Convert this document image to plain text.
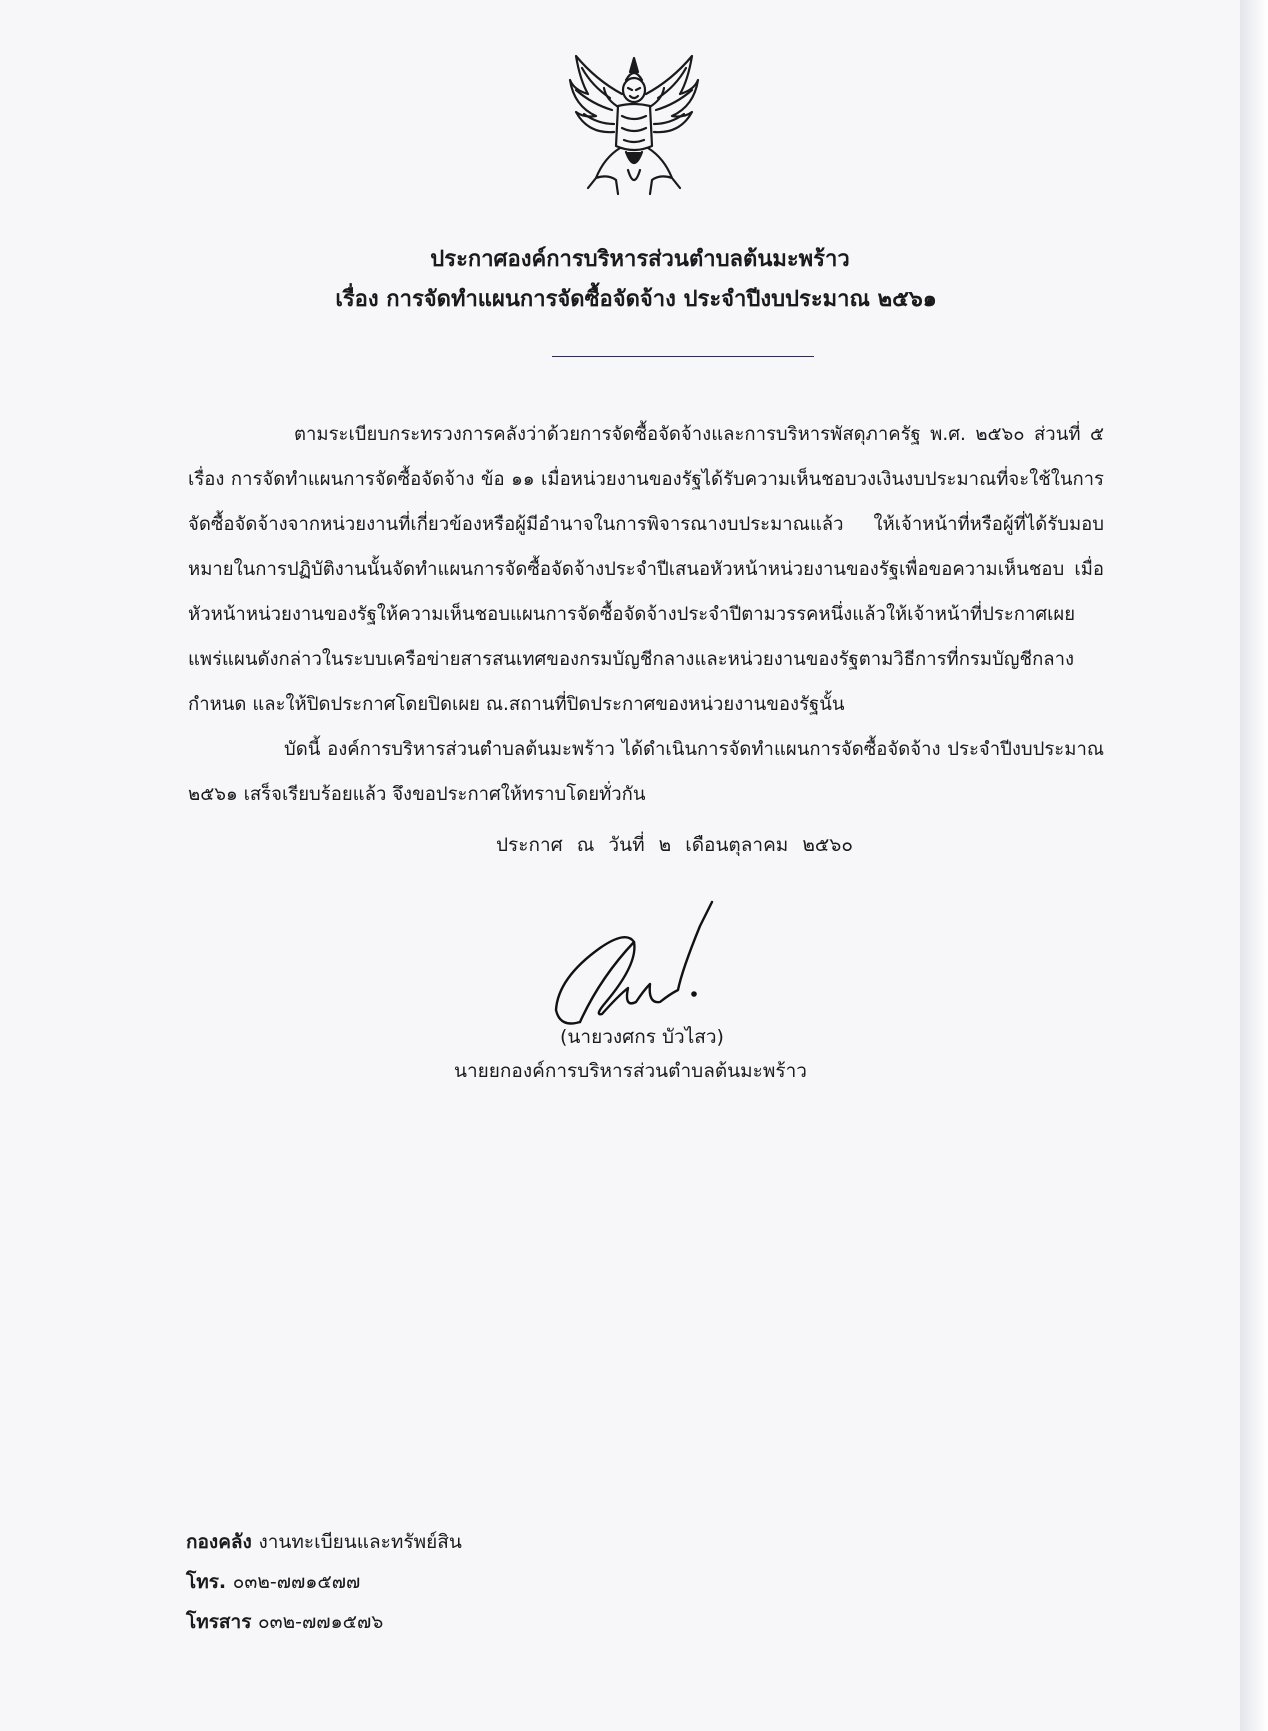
ประกาศองค์การบริหารส่วนตำบลต้นมะพร้าว
เรื่อง การจัดทำแผนการจัดซื้อจัดจ้าง ประจำปีงบประมาณ ๒๕๖๑

ตามระเบียบกระทรวงการคลังว่าด้วยการจัดซื้อจัดจ้างและการบริหารพัสดุภาครัฐ พ.ศ. ๒๕๖๐ ส่วนที่ ๕ เรื่อง การจัดทำแผนการจัดซื้อจัดจ้าง ข้อ ๑๑ เมื่อหน่วยงานของรัฐได้รับความเห็นชอบวงเงินงบประมาณที่จะใช้ในการจัดซื้อจัดจ้างจากหน่วยงานที่เกี่ยวข้องหรือผู้มีอำนาจในการพิจารณางบประมาณแล้ว ให้เจ้าหน้าที่หรือผู้ที่ได้รับมอบหมายในการปฏิบัติงานนั้นจัดทำแผนการจัดซื้อจัดจ้างประจำปีเสนอหัวหน้าหน่วยงานของรัฐเพื่อขอความเห็นชอบ เมื่อหัวหน้าหน่วยงานของรัฐให้ความเห็นชอบแผนการจัดซื้อจัดจ้างประจำปีตามวรรคหนึ่งแล้วให้เจ้าหน้าที่ประกาศเผยแพร่แผนดังกล่าวในระบบเครือข่ายสารสนเทศของกรมบัญชีกลางและหน่วยงานของรัฐตามวิธีการที่กรมบัญชีกลางกำหนด และให้ปิดประกาศโดยปิดเผย ณ.สถานที่ปิดประกาศของหน่วยงานของรัฐนั้น

บัดนี้ องค์การบริหารส่วนตำบลต้นมะพร้าว ได้ดำเนินการจัดทำแผนการจัดซื้อจัดจ้าง ประจำปีงบประมาณ ๒๕๖๑ เสร็จเรียบร้อยแล้ว จึงขอประกาศให้ทราบโดยทั่วกัน

ประกาศ ณ วันที่ ๒ เดือนตุลาคม ๒๕๖๐
(นายวงศกร บัวไสว)
นายยกองค์การบริหารส่วนตำบลต้นมะพร้าว
กองคลัง งานทะเบียนและทรัพย์สิน
โทร. ๐๓๒-๗๗๑๕๗๗
โทรสาร ๐๓๒-๗๗๑๕๗๖
